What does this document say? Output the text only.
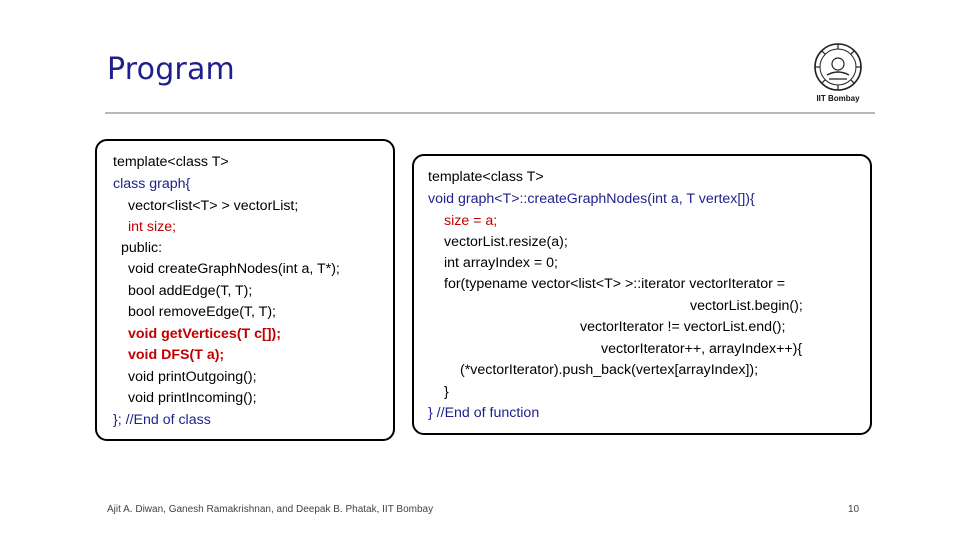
Program
IIT Bombay
template<class T>
class graph{
vector<list<T> > vectorList;
int size;
public:
void createGraphNodes(int a, T*);
bool addEdge(T, T);
bool removeEdge(T, T);
void getVertices(T c[]);
void DFS(T a);
void printOutgoing();
void printIncoming();
}; //End of class
template<class T>
void graph<T>::createGraphNodes(int a, T vertex[]){
size = a;
vectorList.resize(a);
int arrayIndex = 0;
for(typename vector<list<T> >::iterator vectorIterator =
vectorList.begin();
vectorIterator != vectorList.end();
vectorIterator++, arrayIndex++){
(*vectorIterator).push_back(vertex[arrayIndex]);
}
} //End of function
Ajit A. Diwan, Ganesh Ramakrishnan, and Deepak B. Phatak, IIT Bombay	10
